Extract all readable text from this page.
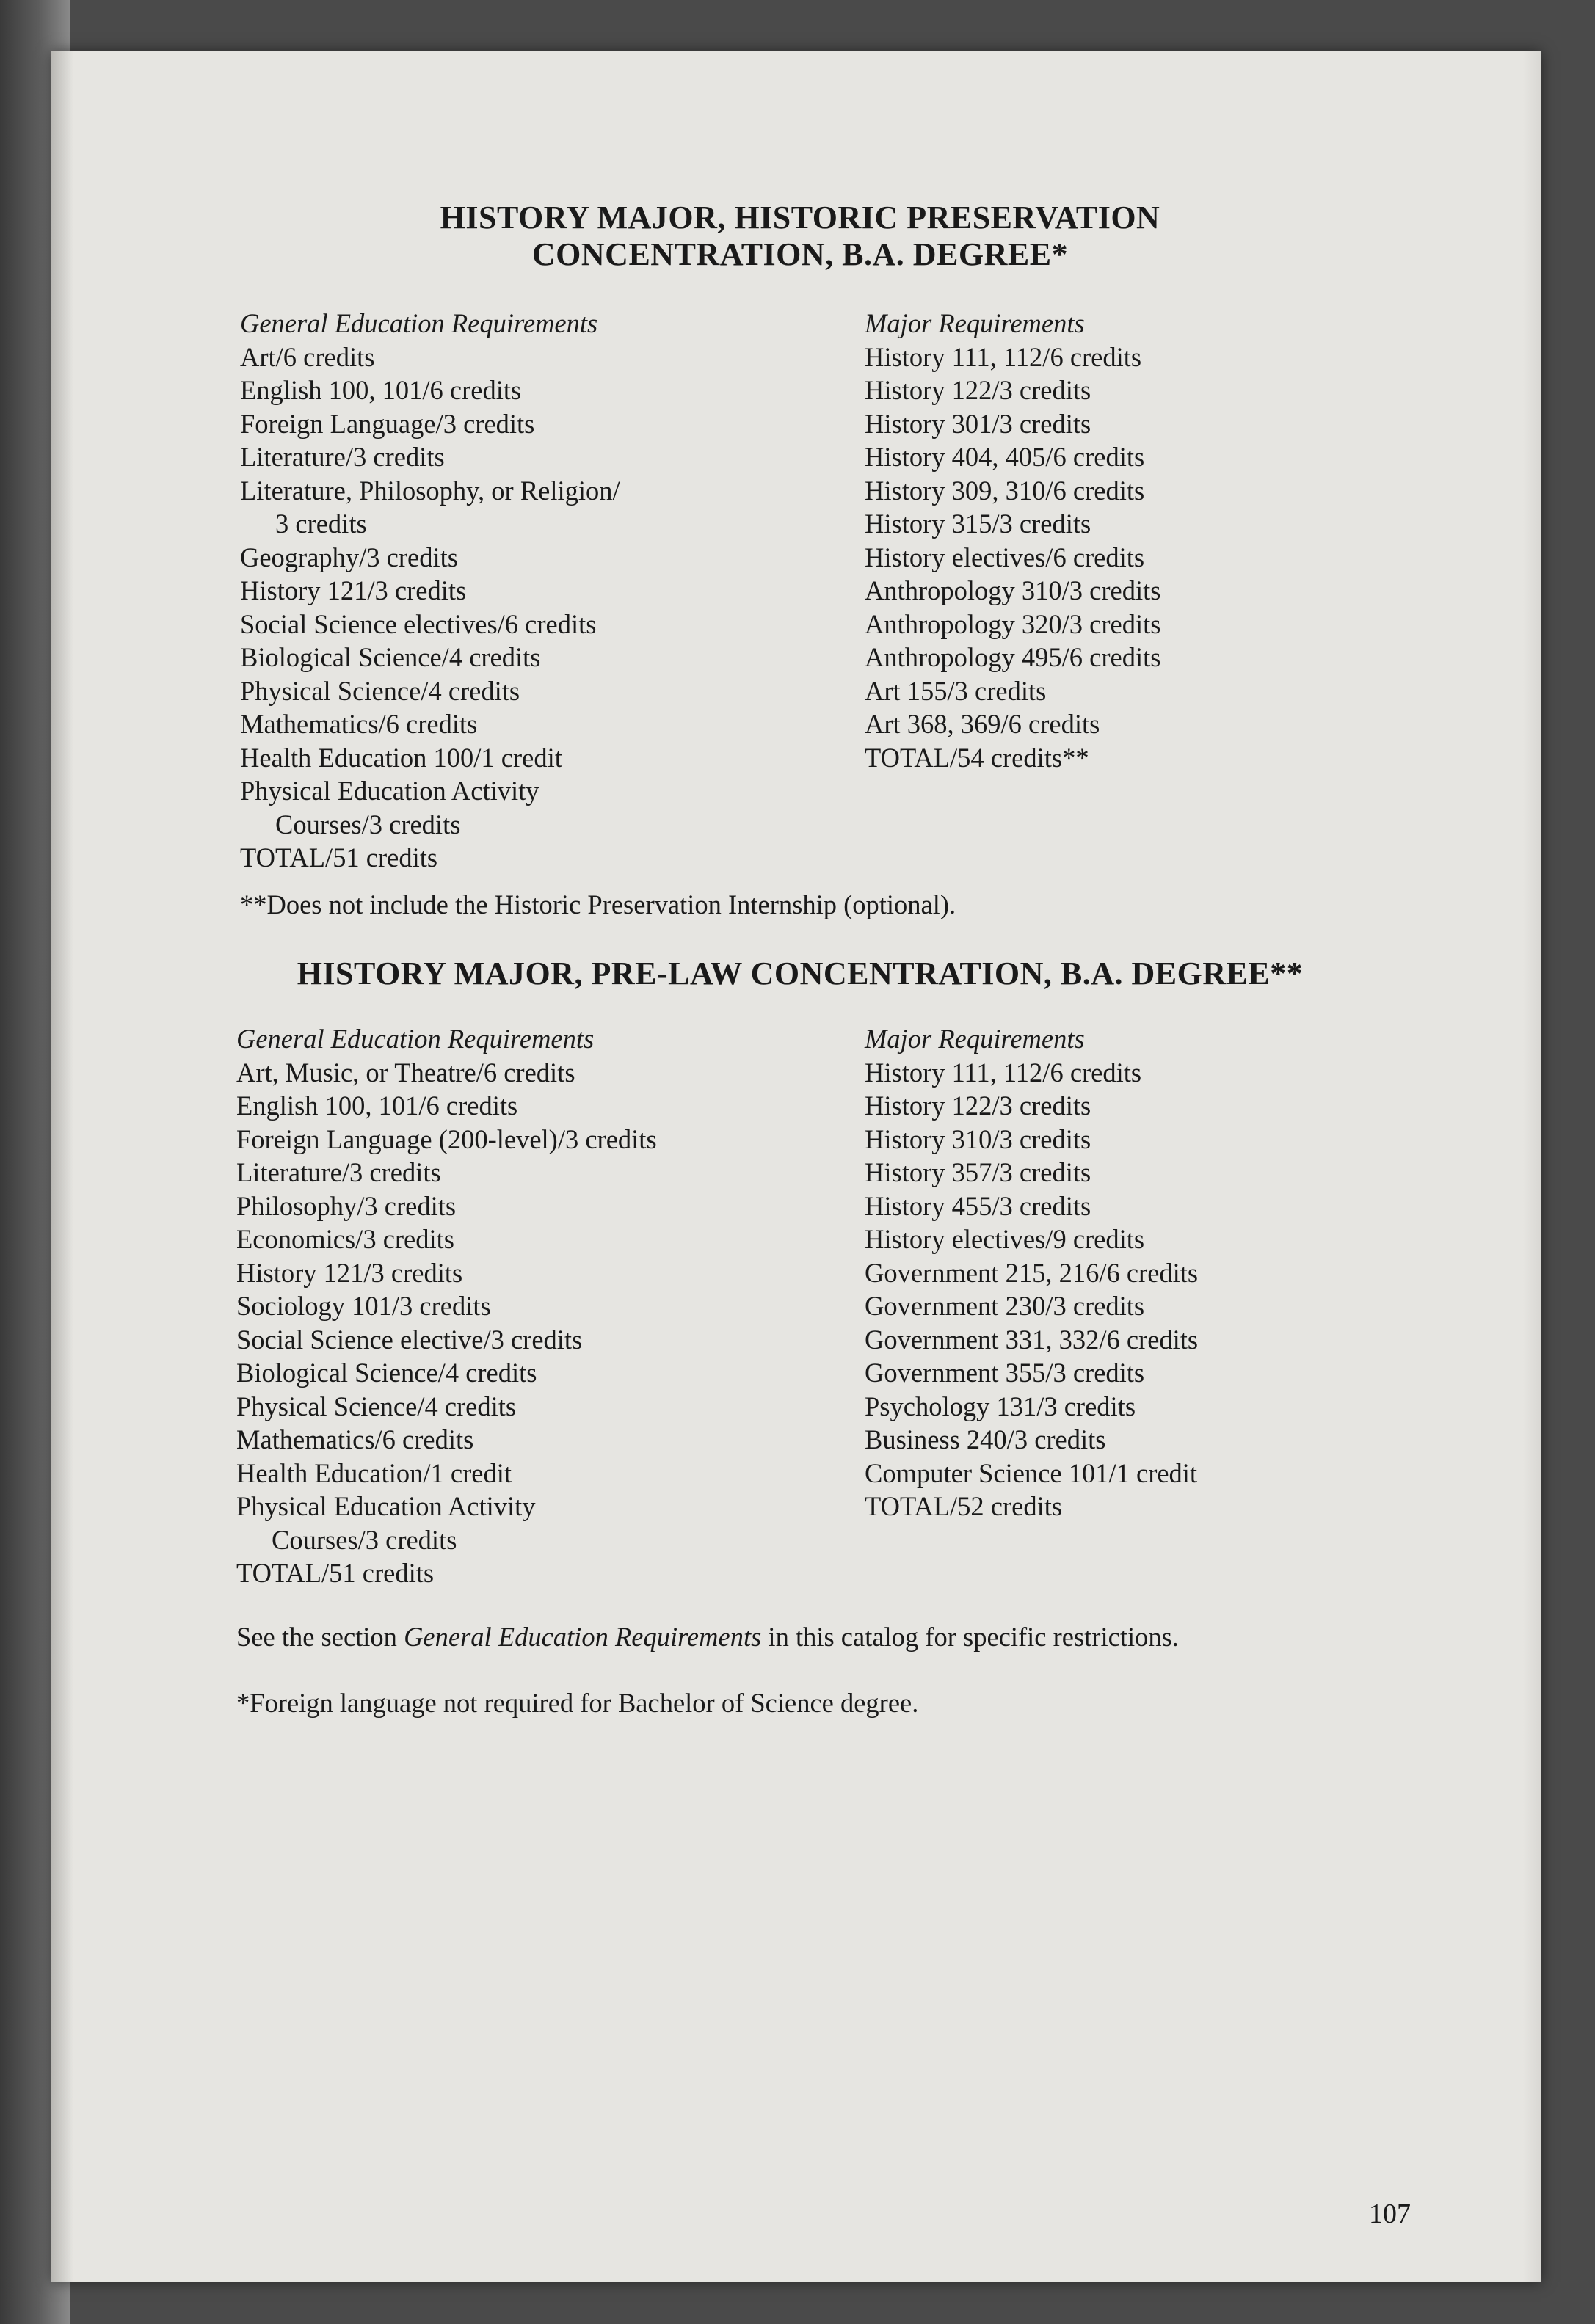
HISTORY MAJOR, HISTORIC PRESERVATION
CONCENTRATION, B.A. DEGREE*
General Education Requirements
Art/6 credits
English 100, 101/6 credits
Foreign Language/3 credits
Literature/3 credits
Literature, Philosophy, or Religion/
3 credits
Geography/3 credits
History 121/3 credits
Social Science electives/6 credits
Biological Science/4 credits
Physical Science/4 credits
Mathematics/6 credits
Health Education 100/1 credit
Physical Education Activity
Courses/3 credits
TOTAL/51 credits
Major Requirements
History 111, 112/6 credits
History 122/3 credits
History 301/3 credits
History 404, 405/6 credits
History 309, 310/6 credits
History 315/3 credits
History electives/6 credits
Anthropology 310/3 credits
Anthropology 320/3 credits
Anthropology 495/6 credits
Art 155/3 credits
Art 368, 369/6 credits
TOTAL/54 credits**
**Does not include the Historic Preservation Internship (optional).
HISTORY MAJOR, PRE-LAW CONCENTRATION, B.A. DEGREE**
General Education Requirements
Art, Music, or Theatre/6 credits
English 100, 101/6 credits
Foreign Language (200-level)/3 credits
Literature/3 credits
Philosophy/3 credits
Economics/3 credits
History 121/3 credits
Sociology 101/3 credits
Social Science elective/3 credits
Biological Science/4 credits
Physical Science/4 credits
Mathematics/6 credits
Health Education/1 credit
Physical Education Activity
Courses/3 credits
TOTAL/51 credits
Major Requirements
History 111, 112/6 credits
History 122/3 credits
History 310/3 credits
History 357/3 credits
History 455/3 credits
History electives/9 credits
Government 215, 216/6 credits
Government 230/3 credits
Government 331, 332/6 credits
Government 355/3 credits
Psychology 131/3 credits
Business 240/3 credits
Computer Science 101/1 credit
TOTAL/52 credits
See the section General Education Requirements in this catalog for specific restrictions.
*Foreign language not required for Bachelor of Science degree.
107
